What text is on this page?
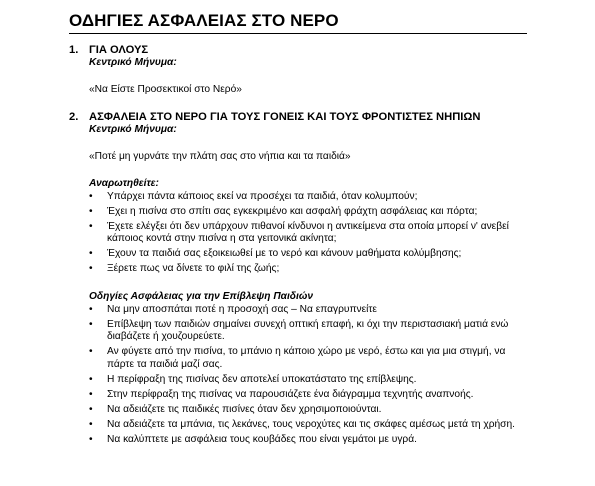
ΟΔΗΓΙΕΣ ΑΣΦΑΛΕΙΑΣ ΣΤΟ ΝΕΡΟ
1. ΓΙΑ ΟΛΟΥΣ
Κεντρικό Μήνυμα:
«Να Είστε Προσεκτικοί στο Νερό»
2. ΑΣΦΑΛΕΙΑ ΣΤΟ ΝΕΡΟ ΓΙΑ ΤΟΥΣ ΓΟΝΕΙΣ ΚΑΙ ΤΟΥΣ ΦΡΟΝΤΙΣΤΕΣ ΝΗΠΙΩΝ
Κεντρικό Μήνυμα:
«Ποτέ μη γυρνάτε την πλάτη σας στο νήπια και τα παιδιά»
Αναρωτηθείτε:
• Υπάρχει πάντα κάποιος εκεί να προσέχει τα παιδιά, όταν κολυμπούν;
• Έχει η πισίνα στο σπίτι σας εγκεκριμένο και ασφαλή φράχτη ασφάλειας και πόρτα;
• Έχετε ελέγξει ότι δεν υπάρχουν πιθανοί κίνδυνοι η αντικείμενα στα οποία μπορεί ν' ανεβεί κάποιος κοντά στην πισίνα η στα γειτονικά ακίνητα;
• Έχουν τα παιδιά σας εξοικειωθεί με το νερό και κάνουν μαθήματα κολύμβησης;
• Ξέρετε πως να δίνετε το φιλί της ζωής;
Οδηγίες Ασφάλειας για την Επίβλεψη Παιδιών
• Να μην αποσπάται ποτέ η προσοχή σας – Να επαγρυπνείτε
• Επίβλεψη των παιδιών σημαίνει συνεχή οπτική επαφή, κι όχι την περιστασιακή ματιά ενώ διαβάζετε ή χουζουρεύετε.
• Αν φύγετε από την πισίνα, το μπάνιο η κάποιο χώρο με νερό, έστω και για μια στιγμή, να πάρτε τα παιδιά μαζί σας.
• Η περίφραξη της πισίνας δεν αποτελεί υποκατάστατο της επίβλεψης.
• Στην περίφραξη της πισίνας να παρουσιάζετε ένα διάγραμμα τεχνητής αναπνοής.
• Να αδειάζετε τις παιδικές πισίνες όταν δεν χρησιμοποιούνται.
• Να αδειάζετε τα μπάνια, τις λεκάνες, τους νεροχύτες και τις σκάφες αμέσως μετά τη χρήση.
• Να καλύπτετε με ασφάλεια τους κουβάδες που είναι γεμάτοι με υγρά.
